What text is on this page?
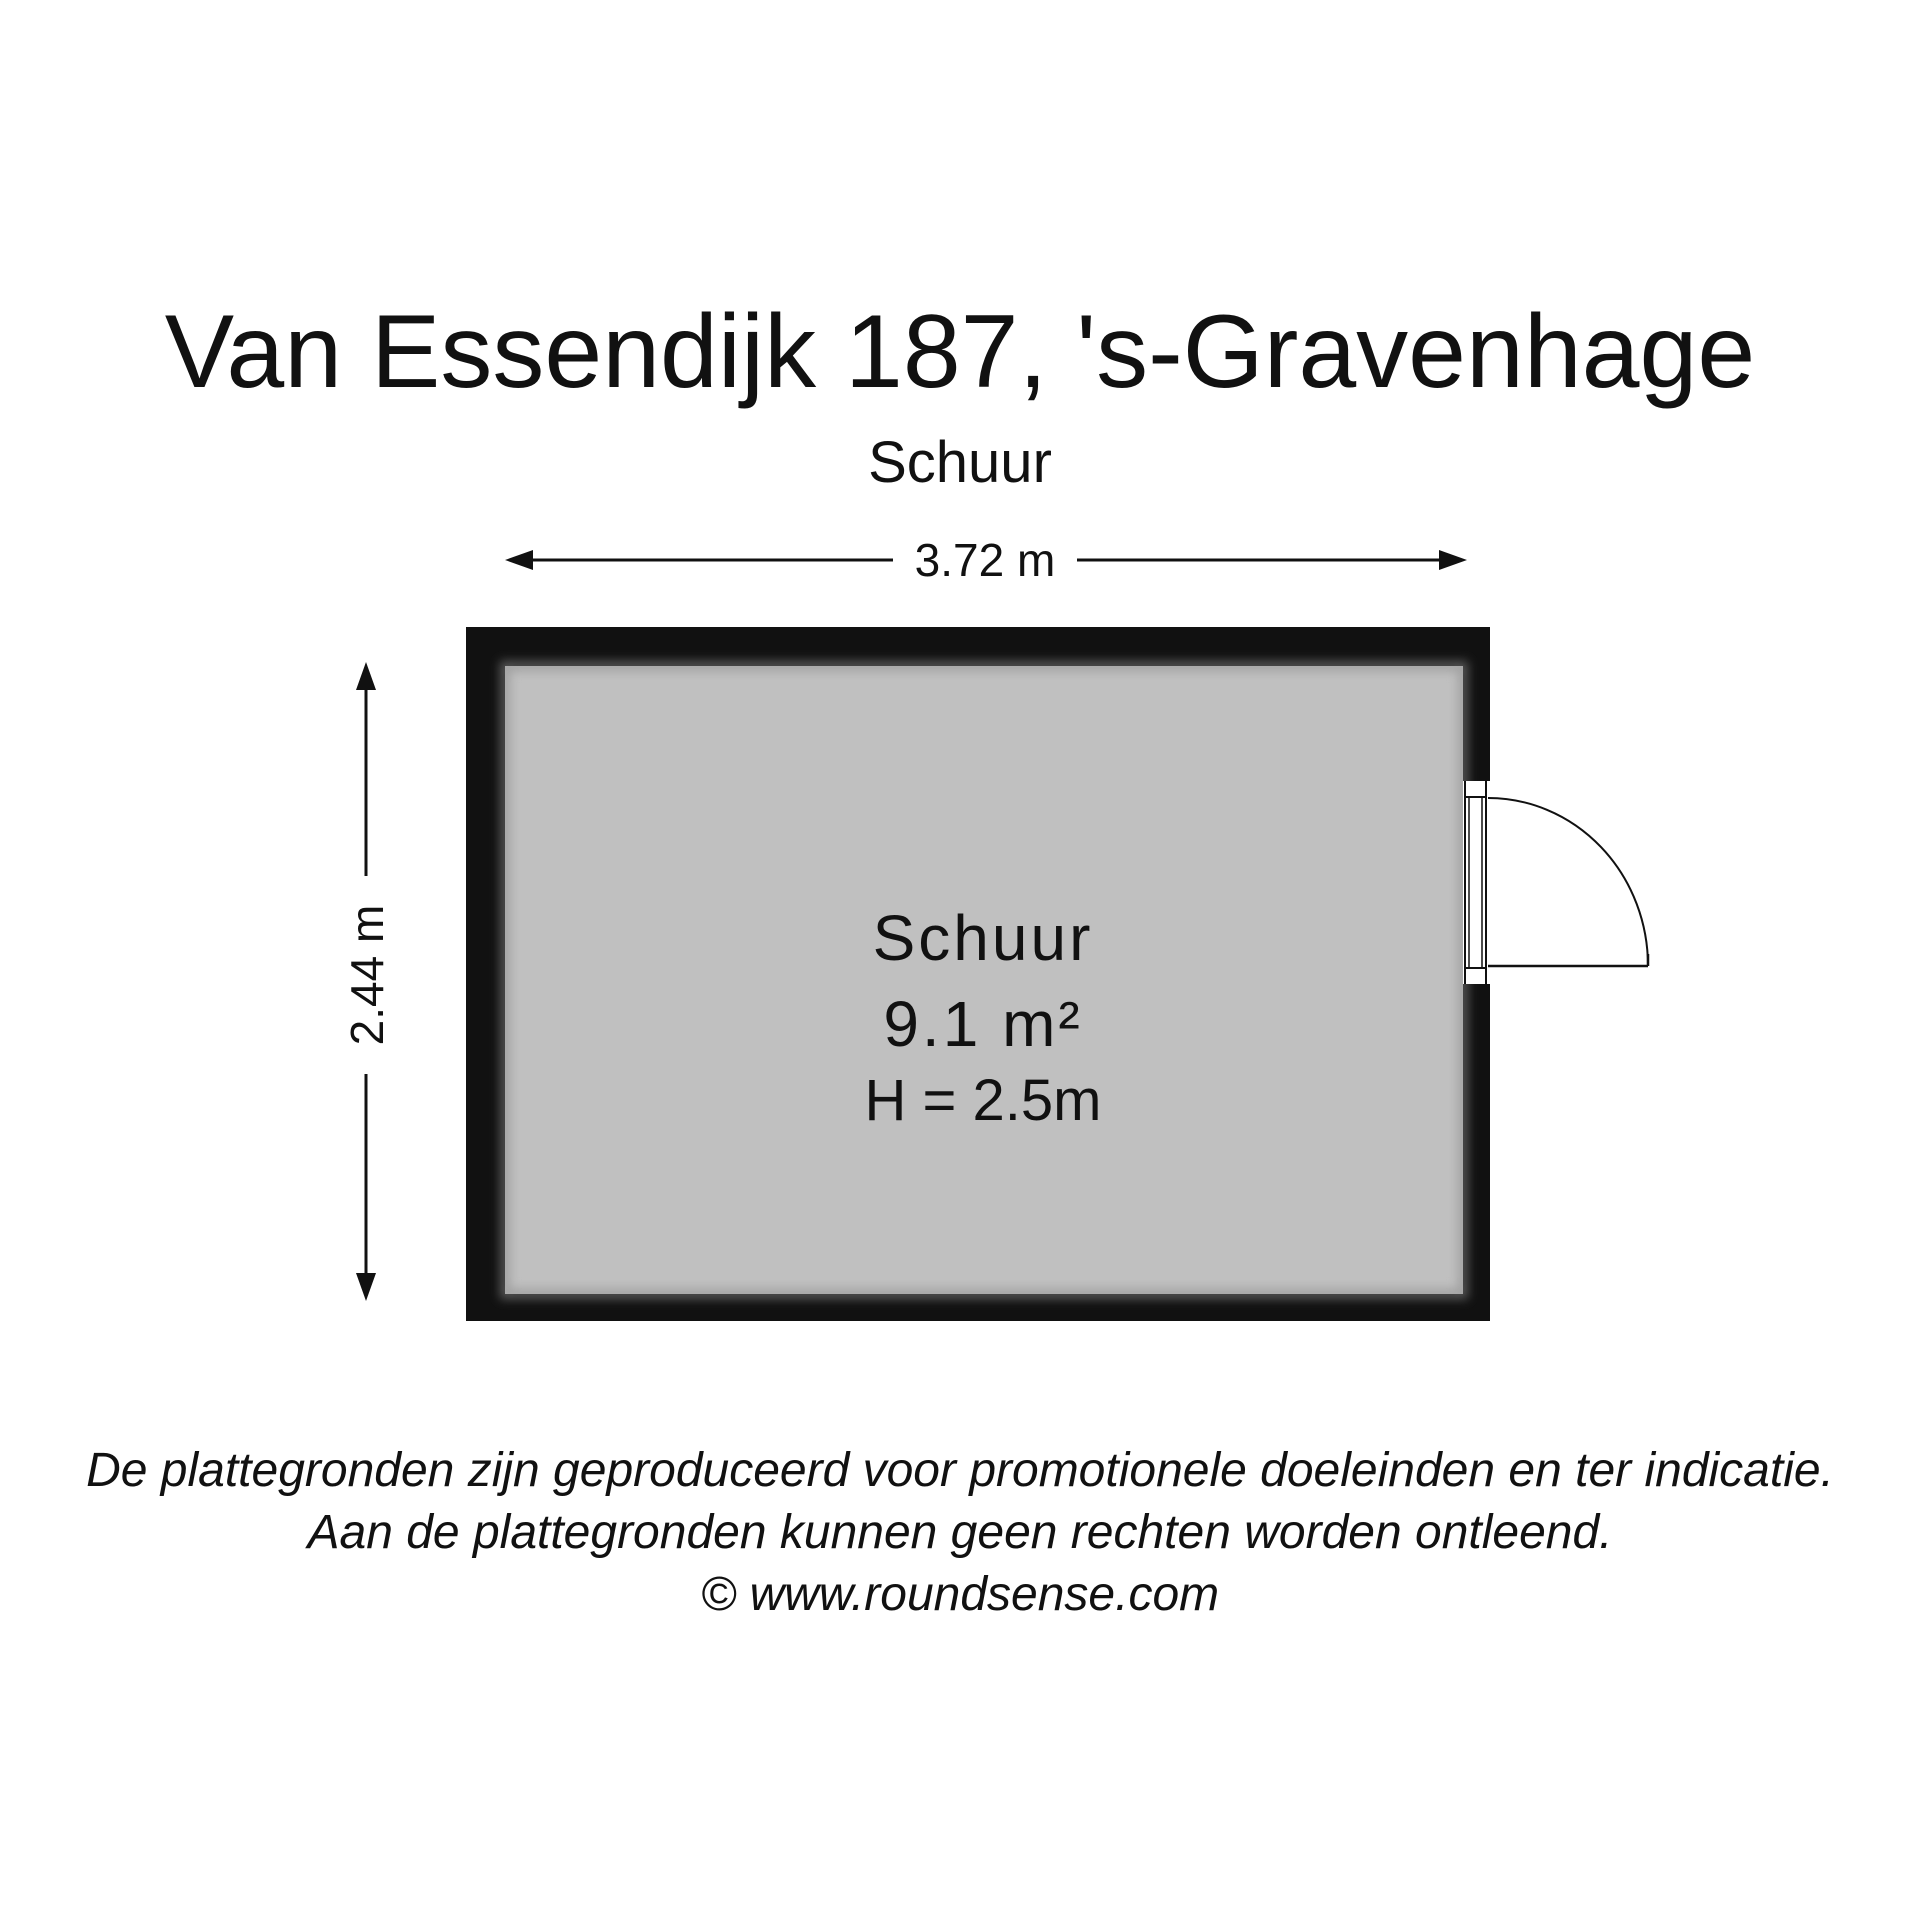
Van Essendijk 187, 's-Gravenhage
Schuur
3.72 m
2.44 m	Schuur
9.1 m²
H = 2.5m
De plattegronden zijn geproduceerd voor promotionele doeleinden en ter indicatie.
Aan de plattegronden kunnen geen rechten worden ontleend.
© www.roundsense.com
